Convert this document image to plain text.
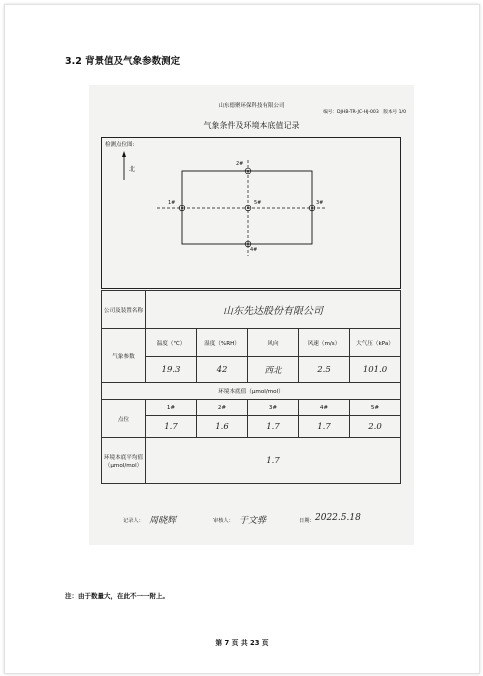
3.2 背景值及气象参数测定
山东德聚环保科技有限公司
编号：DJHB-TR-JC-HJ-003　版本号 1/0
气象条件及环境本底值记录
检测点位图:
北
1#
2#
3#
4#
5#
公司及装置名称	山东先达股份有限公司				
气象参数	温度（℃）	湿度（%RH）	风向	风速（m/s）	大气压（kPa）
	19.3	42	西北	2.5	101.0
环境本底值（μmol/mol）					
点位	1#	2#	3#	4#	5#
	1.7	1.6	1.7	1.7	2.0
环境本底平均值（μmol/mol）	1.7				
记录人： 周晓辉	审核人： 于文骅	日期： 2022.5.18
注：由于数量大，在此不一一附上。
第 7 页 共 23 页
